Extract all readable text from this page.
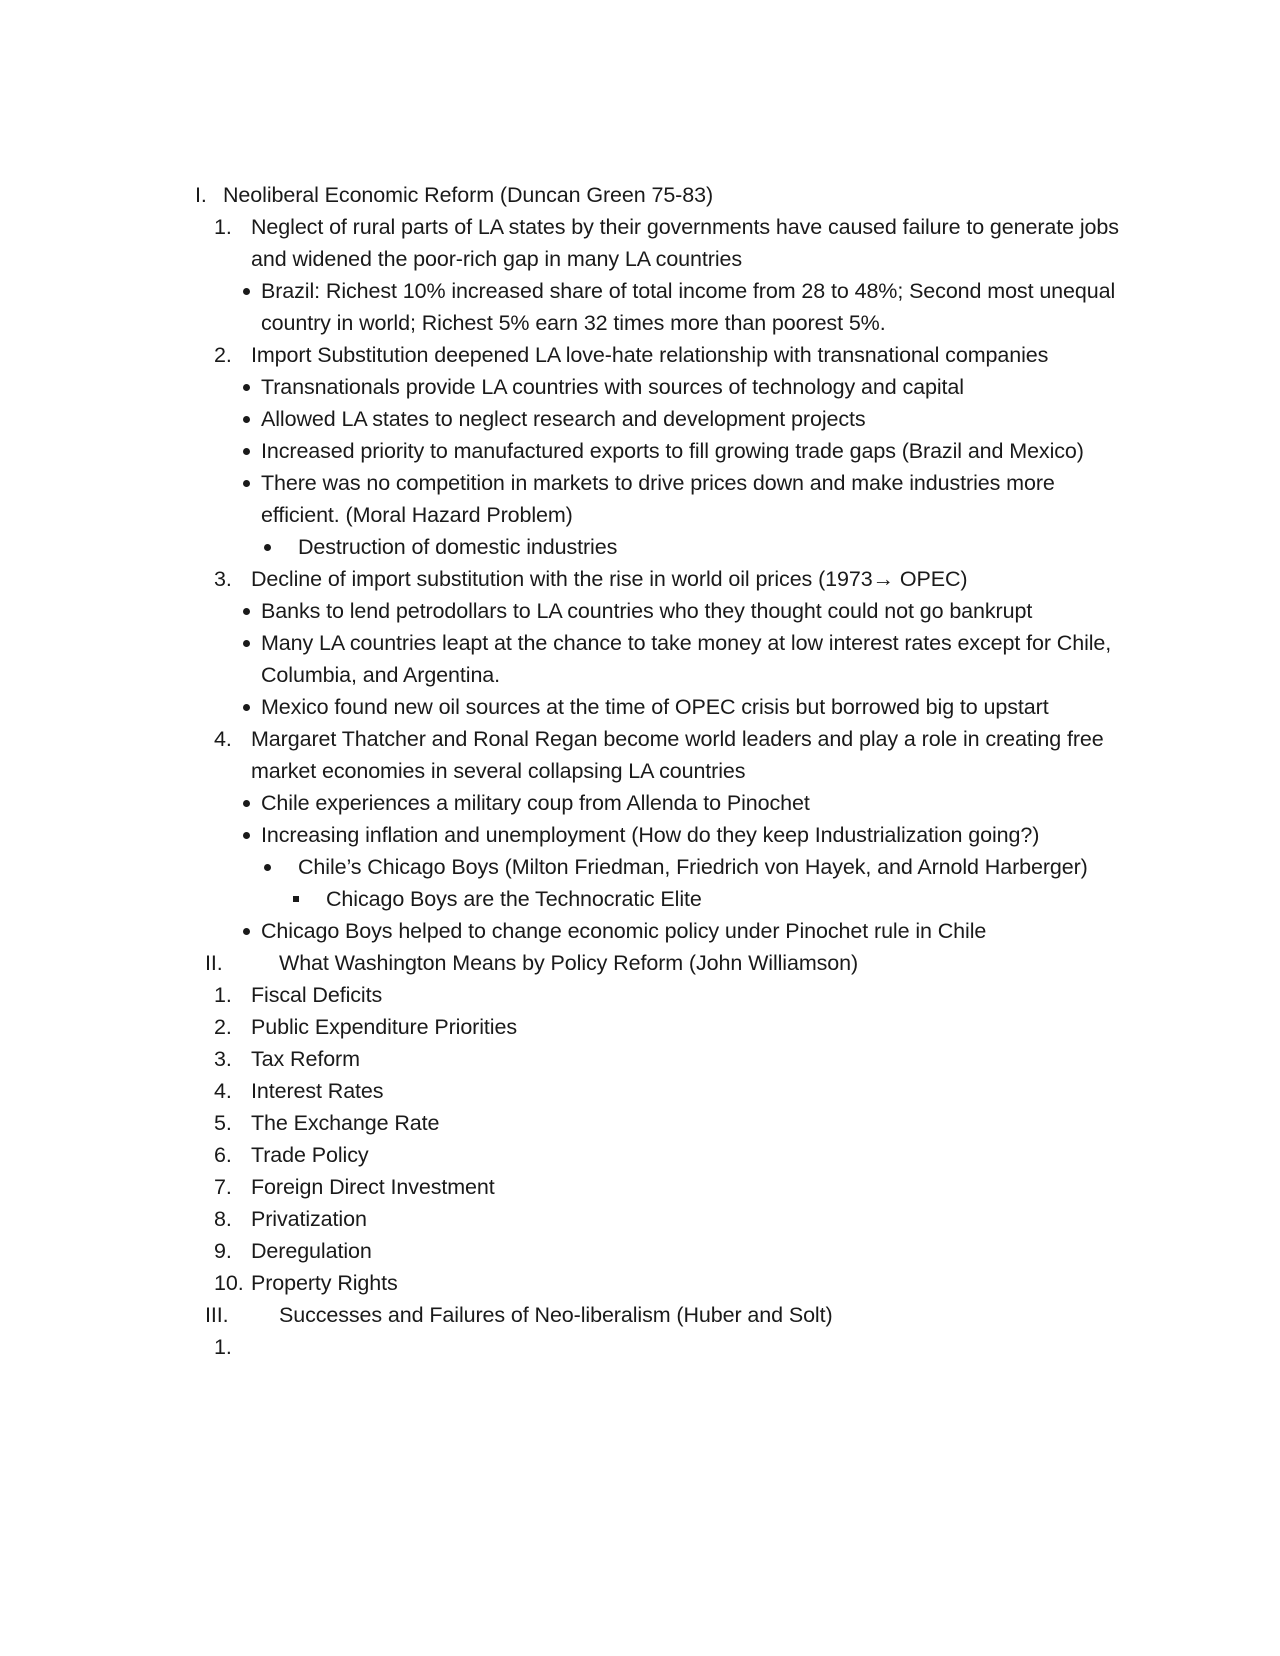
I. Neoliberal Economic Reform (Duncan Green 75-83)
1. Neglect of rural parts of LA states by their governments have caused failure to generate jobs
and widened the poor-rich gap in many LA countries
Brazil: Richest 10% increased share of total income from 28 to 48%; Second most unequal
country in world; Richest 5% earn 32 times more than poorest 5%.
2. Import Substitution deepened LA love-hate relationship with transnational companies
Transnationals provide LA countries with sources of technology and capital
Allowed LA states to neglect research and development projects
Increased priority to manufactured exports to fill growing trade gaps (Brazil and Mexico)
There was no competition in markets to drive prices down and make industries more
efficient. (Moral Hazard Problem)
Destruction of domestic industries
3. Decline of import substitution with the rise in world oil prices (1973→ OPEC)
Banks to lend petrodollars to LA countries who they thought could not go bankrupt
Many LA countries leapt at the chance to take money at low interest rates except for Chile,
Columbia, and Argentina.
Mexico found new oil sources at the time of OPEC crisis but borrowed big to upstart
4. Margaret Thatcher and Ronal Regan become world leaders and play a role in creating free
market economies in several collapsing LA countries
Chile experiences a military coup from Allenda to Pinochet
Increasing inflation and unemployment (How do they keep Industrialization going?)
Chile’s Chicago Boys (Milton Friedman, Friedrich von Hayek, and Arnold Harberger)
Chicago Boys are the Technocratic Elite
Chicago Boys helped to change economic policy under Pinochet rule in Chile
II.	What Washington Means by Policy Reform (John Williamson)
1. Fiscal Deficits
2. Public Expenditure Priorities
3. Tax Reform
4. Interest Rates
5. The Exchange Rate
6. Trade Policy
7. Foreign Direct Investment
8. Privatization
9. Deregulation
10. Property Rights
III. Successes and Failures of Neo-liberalism (Huber and Solt)
1.
